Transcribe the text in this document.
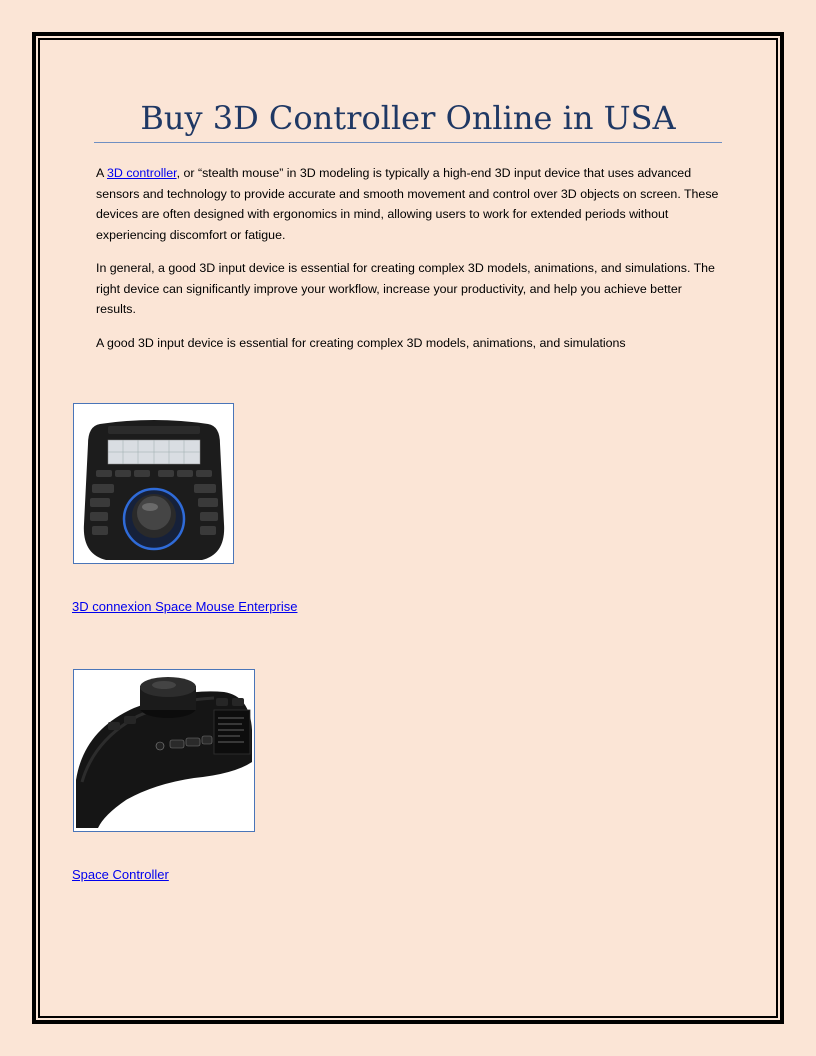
Buy 3D Controller Online in USA

A 3D controller, or “stealth mouse” in 3D modeling is typically a high-end 3D input device that uses advanced sensors and technology to provide accurate and smooth movement and control over 3D objects on screen. These devices are often designed with ergonomics in mind, allowing users to work for extended periods without experiencing discomfort or fatigue.

In general, a good 3D input device is essential for creating complex 3D models, animations, and simulations. The right device can significantly improve your workflow, increase your productivity, and help you achieve better results.

A good 3D input device is essential for creating complex 3D models, animations, and simulations

3D connexion Space Mouse Enterprise
Space Controller
